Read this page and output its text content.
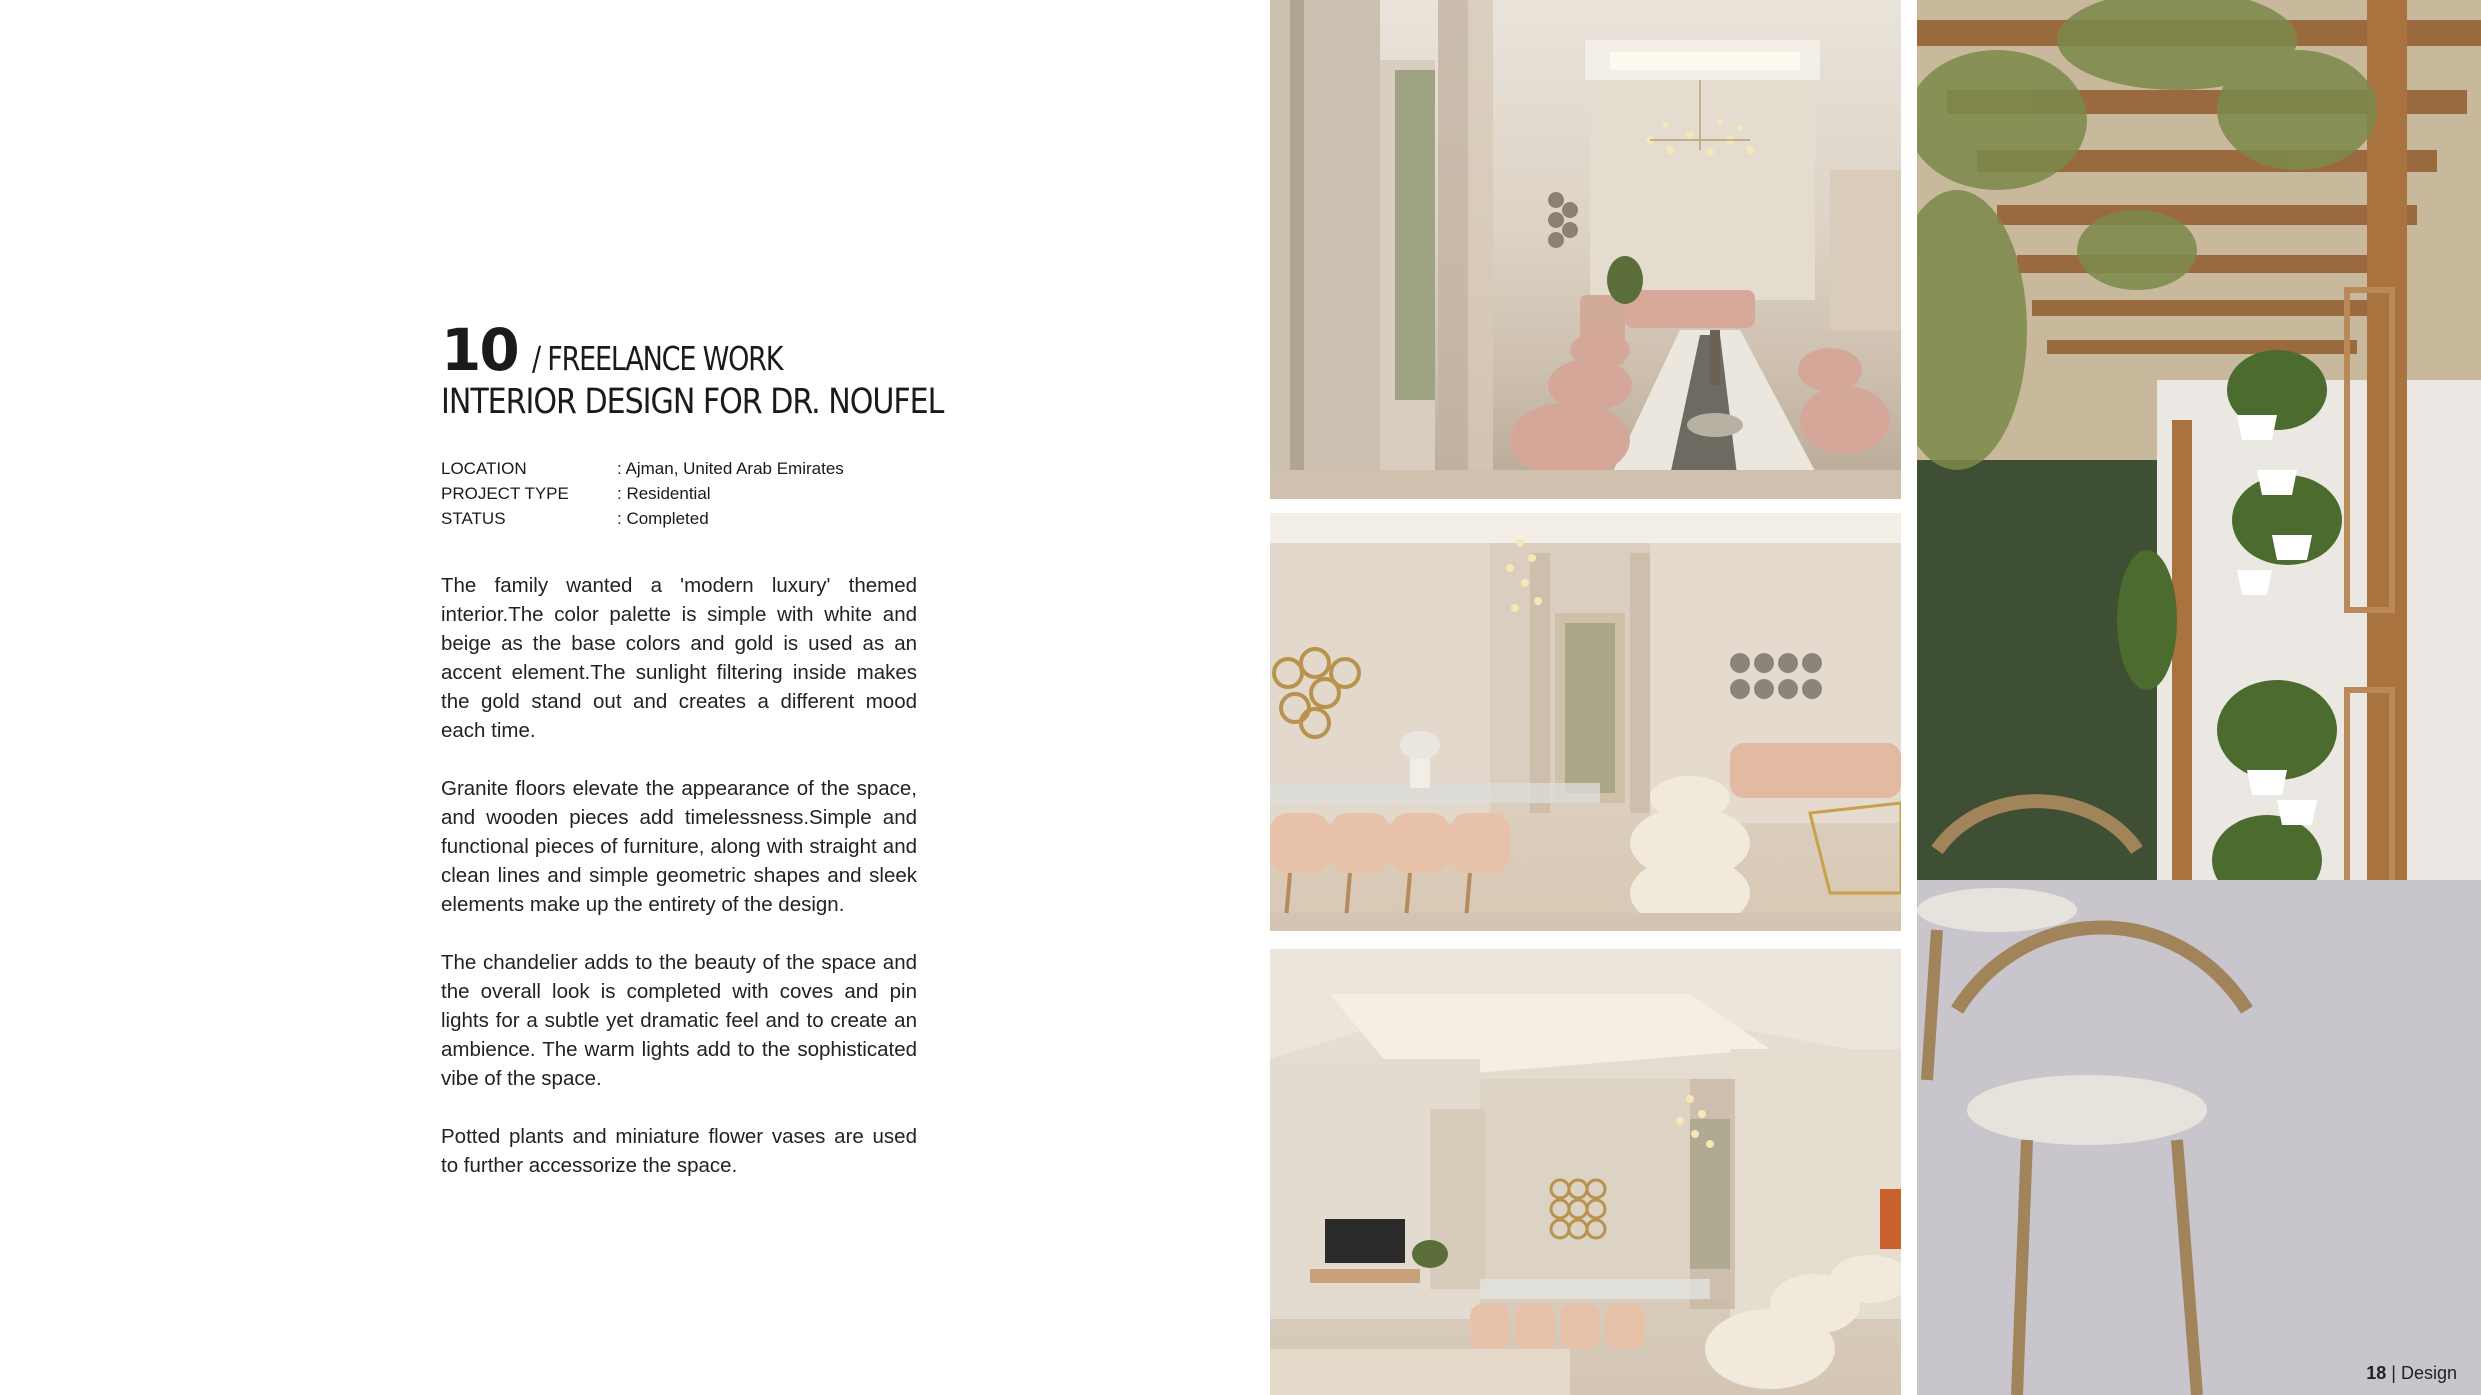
10 / FREELANCE WORK
INTERIOR DESIGN FOR DR. NOUFEL
LOCATION	: Ajman, United Arab Emirates
PROJECT TYPE	: Residential
STATUS	: Completed

The family wanted a 'modern luxury' themed interior.The color palette is simple with white and beige as the base colors and gold is used as an accent element.The sunlight filtering inside makes the gold stand out and creates a different mood each time.

Granite floors elevate the appearance of the space, and wooden pieces add timelessness.Simple and functional pieces of furniture, along with straight and clean lines and simple geometric shapes and sleek elements make up the entirety of the design.

The chandelier adds to the beauty of the space and the overall look is completed with coves and pin lights for a subtle yet dramatic feel and to create an ambience. The warm lights add to the sophisticated vibe of the space.

Potted plants and miniature flower vases are used to further accessorize the space.

18 | Design
